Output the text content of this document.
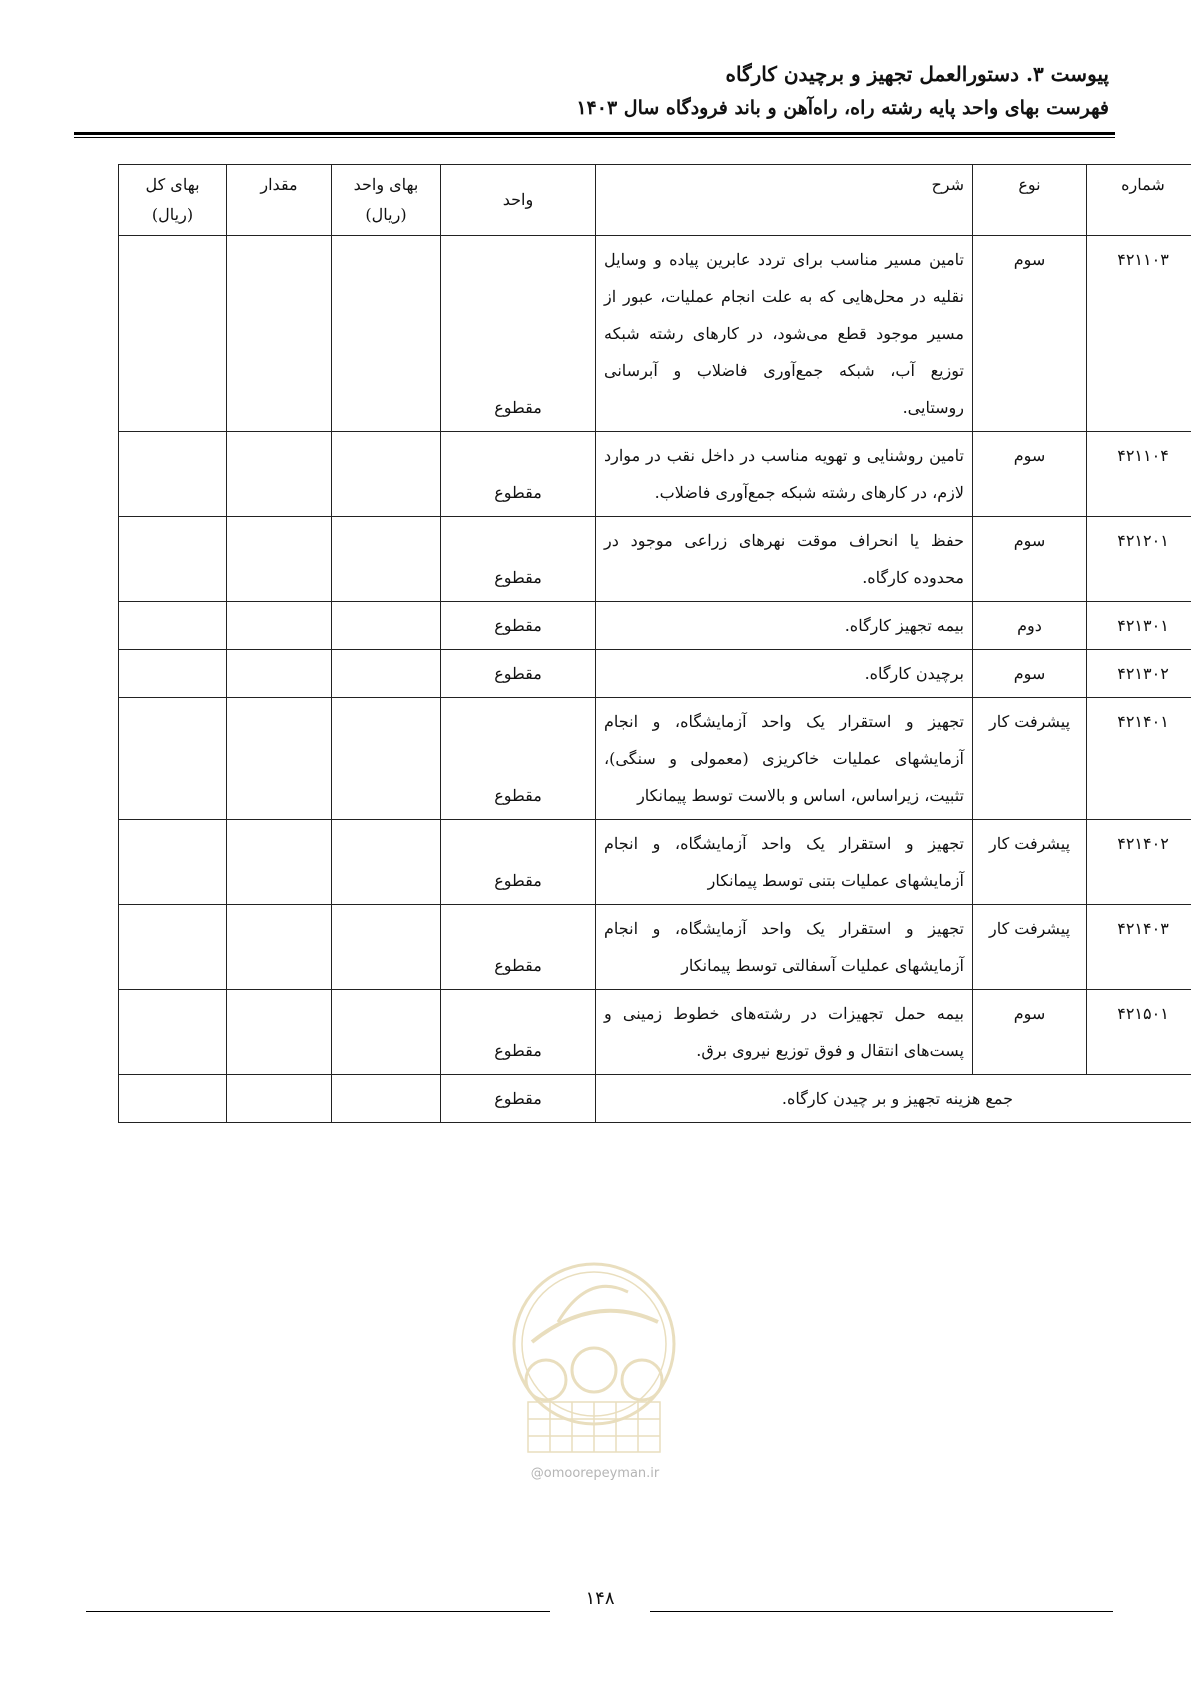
پیوست ۳. دستورالعمل تجهیز و برچیدن کارگاه
فهرست بهای واحد پایه رشته راه، راه‌آهن و باند فرودگاه سال ۱۴۰۳
شماره	نوع	شرح	واحد	بهای واحد (ریال)	مقدار	بهای کل (ریال)
۴۲۱۱۰۳	سوم	تامین مسیر مناسب برای تردد عابرین پیاده و وسایل نقلیه در محل‌هایی که به علت انجام عملیات، عبور از مسیر موجود قطع می‌شود، در کارهای رشته شبکه توزیع آب، شبکه جمع‌آوری فاضلاب و آبرسانی روستایی.	مقطوع			
۴۲۱۱۰۴	سوم	تامین روشنایی و تهویه مناسب در داخل نقب در موارد لازم، در کارهای رشته شبکه جمع‌آوری فاضلاب.	مقطوع			
۴۲۱۲۰۱	سوم	حفظ یا انحراف موقت نهرهای زراعی موجود در محدوده کارگاه.	مقطوع			
۴۲۱۳۰۱	دوم	بیمه تجهیز کارگاه.	مقطوع			
۴۲۱۳۰۲	سوم	برچیدن کارگاه.	مقطوع			
۴۲۱۴۰۱	پیشرفت کار	تجهیز و استقرار یک واحد آزمایشگاه، و انجام آزمایشهای عملیات خاکریزی (معمولی و سنگی)، تثبیت، زیراساس، اساس و بالاست توسط پیمانکار	مقطوع			
۴۲۱۴۰۲	پیشرفت کار	تجهیز و استقرار یک واحد آزمایشگاه، و انجام آزمایشهای عملیات بتنی توسط پیمانکار	مقطوع			
۴۲۱۴۰۳	پیشرفت کار	تجهیز و استقرار یک واحد آزمایشگاه، و انجام آزمایشهای عملیات آسفالتی توسط پیمانکار	مقطوع			
۴۲۱۵۰۱	سوم	بیمه حمل تجهیزات در رشته‌های خطوط زمینی و پست‌های انتقال و فوق توزیع نیروی برق.	مقطوع			
جمع هزینه تجهیز و بر چیدن کارگاه.			مقطوع			
@omoorepeyman.ir
۱۴۸
